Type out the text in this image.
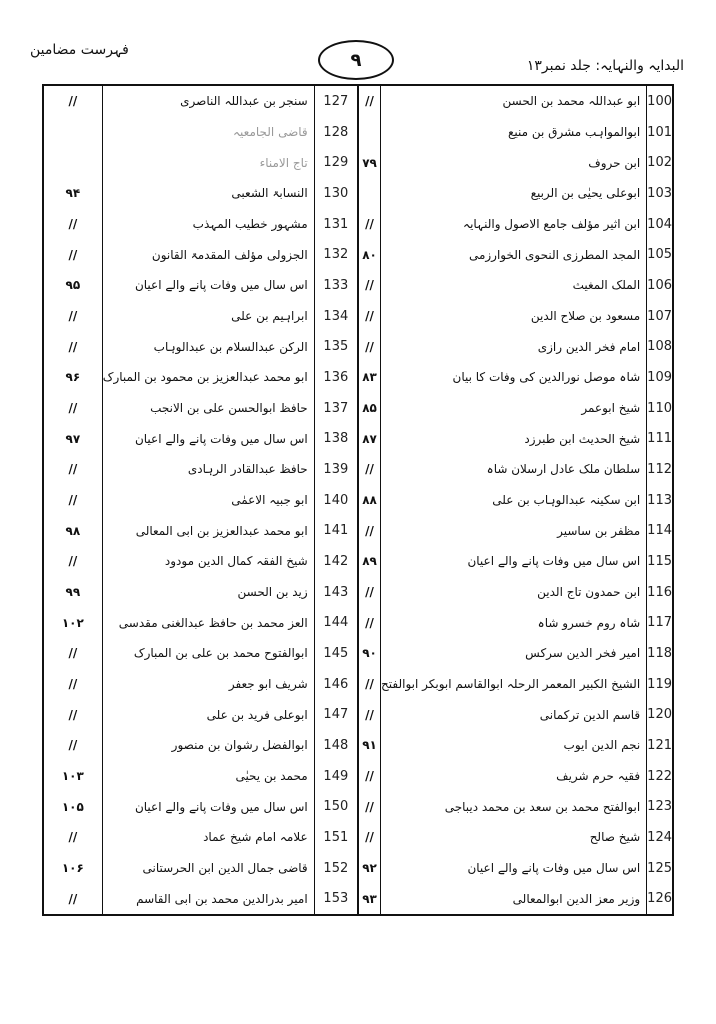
فہرست مضامین	۹	البدایہ والنہایہ: جلد نمبر۱۳
//
۹۴
//
//
۹۵
//
//
۹۶
//
۹۷
//
//
۹۸
//
۹۹
۱۰۲
//
//
//
//
۱۰۳
۱۰۵
//
۱۰۶
//
سنجر بن عبداللہ الناصری
قاضی الجامعیہ
تاج الامناء
النسابۃ الشعبی
مشہور خطیب المہذب
الجزولی مؤلف المقدمۃ القانون
اس سال میں وفات پانے والے اعیان
ابراہیم بن علی
الرکن عبدالسلام بن عبدالوہاب
ابو محمد عبدالعزیز بن محمود بن المبارک
حافظ ابوالحسن علی بن الانجب
اس سال میں وفات پانے والے اعیان
حافظ عبدالقادر الرہادی
ابو جبیہ الاعمٰی
ابو محمد عبدالعزیز بن ابی المعالی
شیخ الفقہ کمال الدین مودود
زید بن الحسن
العز محمد بن حافظ عبدالغنی مقدسی
ابوالفتوح محمد بن علی بن المبارک
شریف ابو جعفر
ابوعلی فرید بن علی
ابوالفضل رشوان بن منصور
محمد بن یحیٰی
اس سال میں وفات پانے والے اعیان
علامہ امام شیخ عماد
قاضی جمال الدین ابن الحرستانی
امیر بدرالدین محمد بن ابی القاسم
127
128
129
130
131
132
133
134
135
136
137
138
139
140
141
142
143
144
145
146
147
148
149
150
151
152
153
//
۷۹
//
۸۰
//
//
//
۸۳
۸۵
۸۷
//
۸۸
//
۸۹
//
//
۹۰
//
//
۹۱
//
//
//
۹۲
۹۳
ابو عبداللہ محمد بن الحسن
ابوالمواہب مشرق بن منیع
ابن حروف
ابوعلی یحیٰی بن الربیع
ابن اثیر مؤلف جامع الاصول والنہایہ
المجد المطرزی النحوی الخوارزمی
الملک المغیث
مسعود بن صلاح الدین
امام فخر الدین رازی
شاہ موصل نورالدین کی وفات کا بیان
شیخ ابوعمر
شیخ الحدیث ابن طبرزد
سلطان ملک عادل ارسلان شاہ
ابن سکینہ عبدالوہاب بن علی
مظفر بن ساسیر
اس سال میں وفات پانے والے اعیان
ابن حمدون تاج الدین
شاہ روم خسرو شاہ
امیر فخر الدین سرکس
الشیخ الکبیر المعمر الرحلہ ابوالقاسم ابوبکر ابوالفتح
قاسم الدین ترکمانی
نجم الدین ایوب
فقیہ حرم شریف
ابوالفتح محمد بن سعد بن محمد دیباجی
شیخ صالح
اس سال میں وفات پانے والے اعیان
وزیر معز الدین ابوالمعالی
100
101
102
103
104
105
106
107
108
109
110
111
112
113
114
115
116
117
118
119
120
121
122
123
124
125
126
